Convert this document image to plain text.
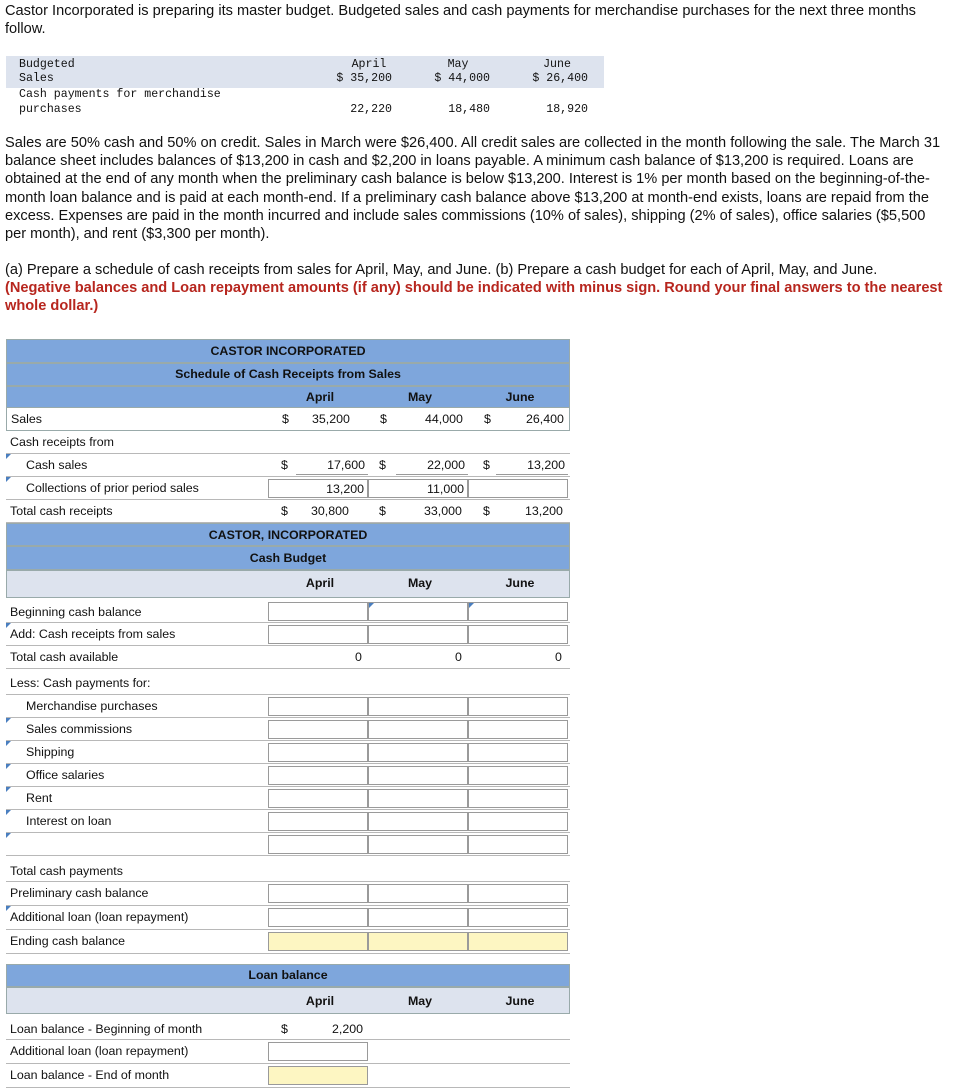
Castor Incorporated is preparing its master budget. Budgeted sales and cash payments for merchandise purchases for the next three months follow.
Budgeted
Sales
April	May	June
$ 35,200	$ 44,000	$ 26,400
Cash payments for merchandise
purchases	22,220	18,480	18,920
Sales are 50% cash and 50% on credit. Sales in March were $26,400. All credit sales are collected in the month following the sale. The March 31 balance sheet includes balances of $13,200 in cash and $2,200 in loans payable. A minimum cash balance of $13,200 is required. Loans are obtained at the end of any month when the preliminary cash balance is below $13,200. Interest is 1% per month based on the beginning-of-the-month loan balance and is paid at each month-end. If a preliminary cash balance above $13,200 at month-end exists, loans are repaid from the excess. Expenses are paid in the month incurred and include sales commissions (10% of sales), shipping (2% of sales), office salaries ($5,500 per month), and rent ($3,300 per month).
(a) Prepare a schedule of cash receipts from sales for April, May, and June. (b) Prepare a cash budget for each of April, May, and June. (Negative balances and Loan repayment amounts (if any) should be indicated with minus sign. Round your final answers to the nearest whole dollar.)
CASTOR INCORPORATED
Schedule of Cash Receipts from Sales
April	May	June
Sales	$ 35,200 $	44,000 $	26,400
Cash receipts from
Cash sales	$	17,600 $	22,000 $	13,200
Collections of prior period sales	13,200	11,000
Total cash receipts	$ 30,800 $	33,000 $	13,200
CASTOR, INCORPORATED
Cash Budget
April	May	June
Beginning cash balance
Add: Cash receipts from sales
Total cash available	0	0	0
Less: Cash payments for:
Merchandise purchases
Sales commissions
Shipping
Office salaries
Rent
Interest on loan
Total cash payments
Preliminary cash balance
Additional loan (loan repayment)
Ending cash balance
Loan balance
April	May	June
Loan balance - Beginning of month	$	2,200
Additional loan (loan repayment)
Loan balance - End of month
